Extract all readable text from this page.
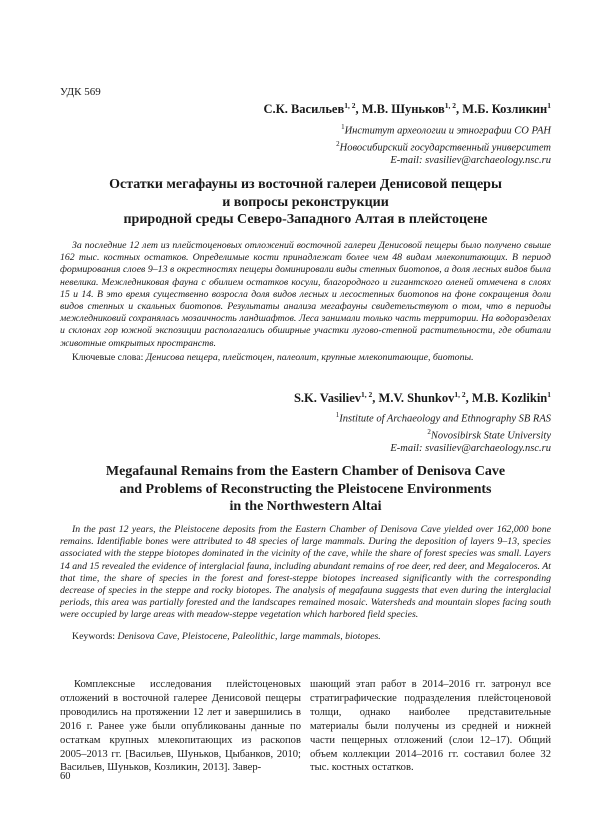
УДК 569
С.К. Васильев$^{1, 2}$, М.В. Шуньков$^{1, 2}$, М.Б. Козликин$^1$
$^1$Институт археологии и этнографии СО РАН
$^2$Новосибирский государственный университет
E-mail: svasiliev@archaeology.nsc.ru
Остатки мегафауны из восточной галереи Денисовой пещеры
и вопросы реконструкции
природной среды Северо-Западного Алтая в плейстоцене
За последние 12 лет из плейстоценовых отложений восточной галереи Денисовой пещеры было получено свыше 162 тыс. костных остатков. Определимые кости принадлежат более чем 48 видам млекопитающих. В период формирования слоев 9–13 в окрестностях пещеры доминировали виды степных биотопов, а доля лесных видов была невелика. Межледниковая фауна с обилием остатков косули, благородного и гигантского оленей отмечена в слоях 15 и 14. В это время существенно возросла доля видов лесных и лесостепных биотопов на фоне сокращения доли видов степных и скальных биотопов. Результаты анализа мегафауны свидетельствуют о том, что в периоды межледниковий сохранялась мозаичность ландшафтов. Леса занимали только часть территории. На водоразделах и склонах гор южной экспозиции располагались обширные участки лугово-степной растительности, где обитали животные открытых пространств.
Ключевые слова: Денисова пещера, плейстоцен, палеолит, крупные млекопитающие, биотопы.
S.K. Vasiliev$^{1, 2}$, M.V. Shunkov$^{1, 2}$, M.B. Kozlikin$^1$
$^1$Institute of Archaeology and Ethnography SB RAS
$^2$Novosibirsk State University
E-mail: svasiliev@archaeology.nsc.ru
Megafaunal Remains from the Eastern Chamber of Denisova Cave
and Problems of Reconstructing the Pleistocene Environments
in the Northwestern Altai
In the past 12 years, the Pleistocene deposits from the Eastern Chamber of Denisova Cave yielded over 162,000 bone remains. Identifiable bones were attributed to 48 species of large mammals. During the deposition of layers 9–13, species associated with the steppe biotopes dominated in the vicinity of the cave, while the share of forest species was small. Layers 14 and 15 revealed the evidence of interglacial fauna, including abundant remains of roe deer, red deer, and Megaloceros. At that time, the share of species in the forest and forest-steppe biotopes increased significantly with the corresponding decrease of species in the steppe and rocky biotopes. The analysis of megafauna suggests that even during the interglacial periods, this area was partially forested and the landscapes remained mosaic. Watersheds and mountain slopes facing south were occupied by large areas with meadow-steppe vegetation which harbored field species.
Keywords: Denisova Cave, Pleistocene, Paleolithic, large mammals, biotopes.
Комплексные исследования плейстоценовых отложений в восточной галерее Денисовой пещеры проводились на протяжении 12 лет и завершились в 2016 г. Ранее уже были опубликованы данные по остаткам крупных млекопитающих из раскопов 2005–2013 гг. [Васильев, Шуньков, Цыбанков, 2010; Васильев, Шуньков, Козликин, 2013]. Завер-
шающий этап работ в 2014–2016 гг. затронул все стратиграфические подразделения плейстоценовой толщи, однако наиболее представительные материалы были получены из средней и нижней части пещерных отложений (слои 12–17). Общий объем коллекции 2014–2016 гг. составил более 32 тыс. костных остатков.
60
